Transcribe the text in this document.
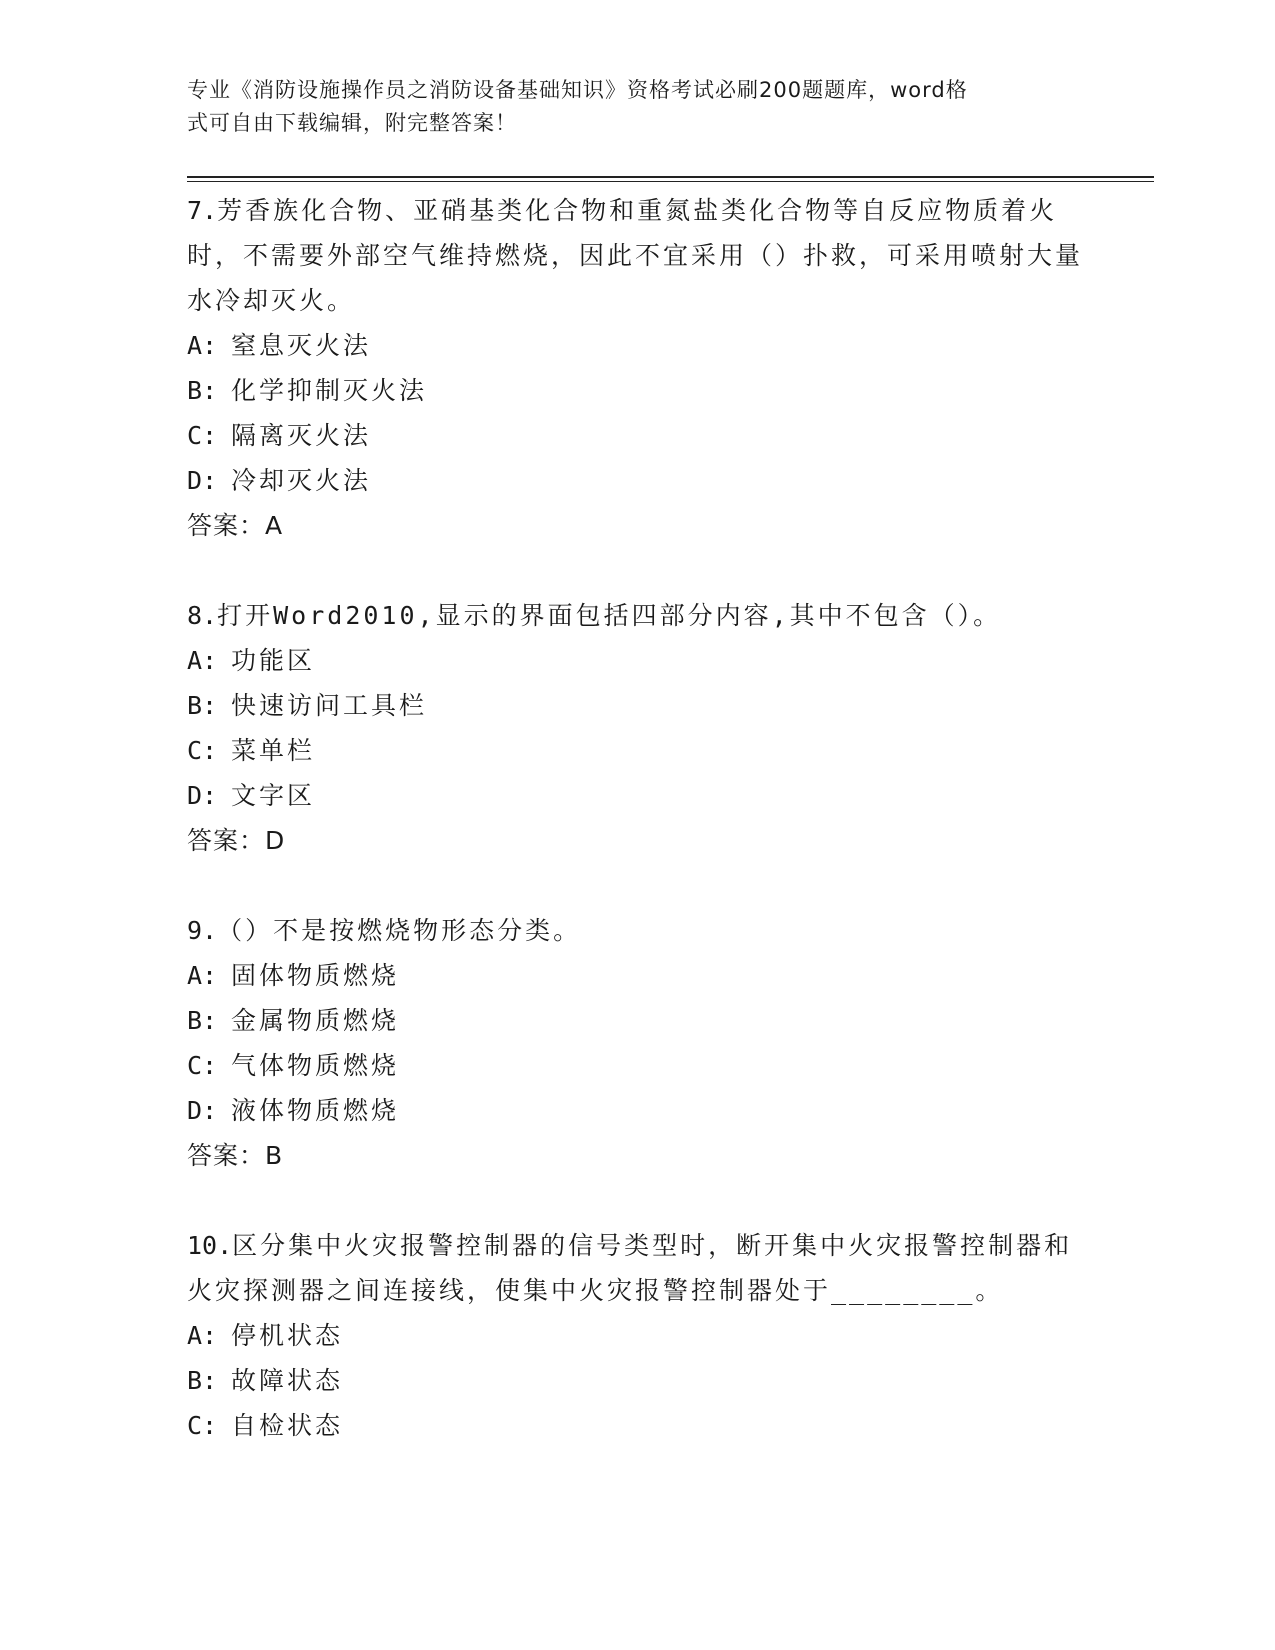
专业《消防设施操作员之消防设备基础知识》资格考试必刷200题题库，word格
式可自由下载编辑，附完整答案！
7.芳香族化合物、亚硝基类化合物和重氮盐类化合物等自反应物质着火时，不需要外部空气维持燃烧，因此不宜采用（）扑救，可采用喷射大量水冷却灭火。
A: 窒息灭火法
B: 化学抑制灭火法
C: 隔离灭火法
D: 冷却灭火法
答案：A
8.打开Word2010,显示的界面包括四部分内容,其中不包含（）。
A: 功能区
B: 快速访问工具栏
C: 菜单栏
D: 文字区
答案：D
9.（）不是按燃烧物形态分类。
A: 固体物质燃烧
B: 金属物质燃烧
C: 气体物质燃烧
D: 液体物质燃烧
答案：B
10.区分集中火灾报警控制器的信号类型时，断开集中火灾报警控制器和火灾探测器之间连接线，使集中火灾报警控制器处于________。
A: 停机状态
B: 故障状态
C: 自检状态
